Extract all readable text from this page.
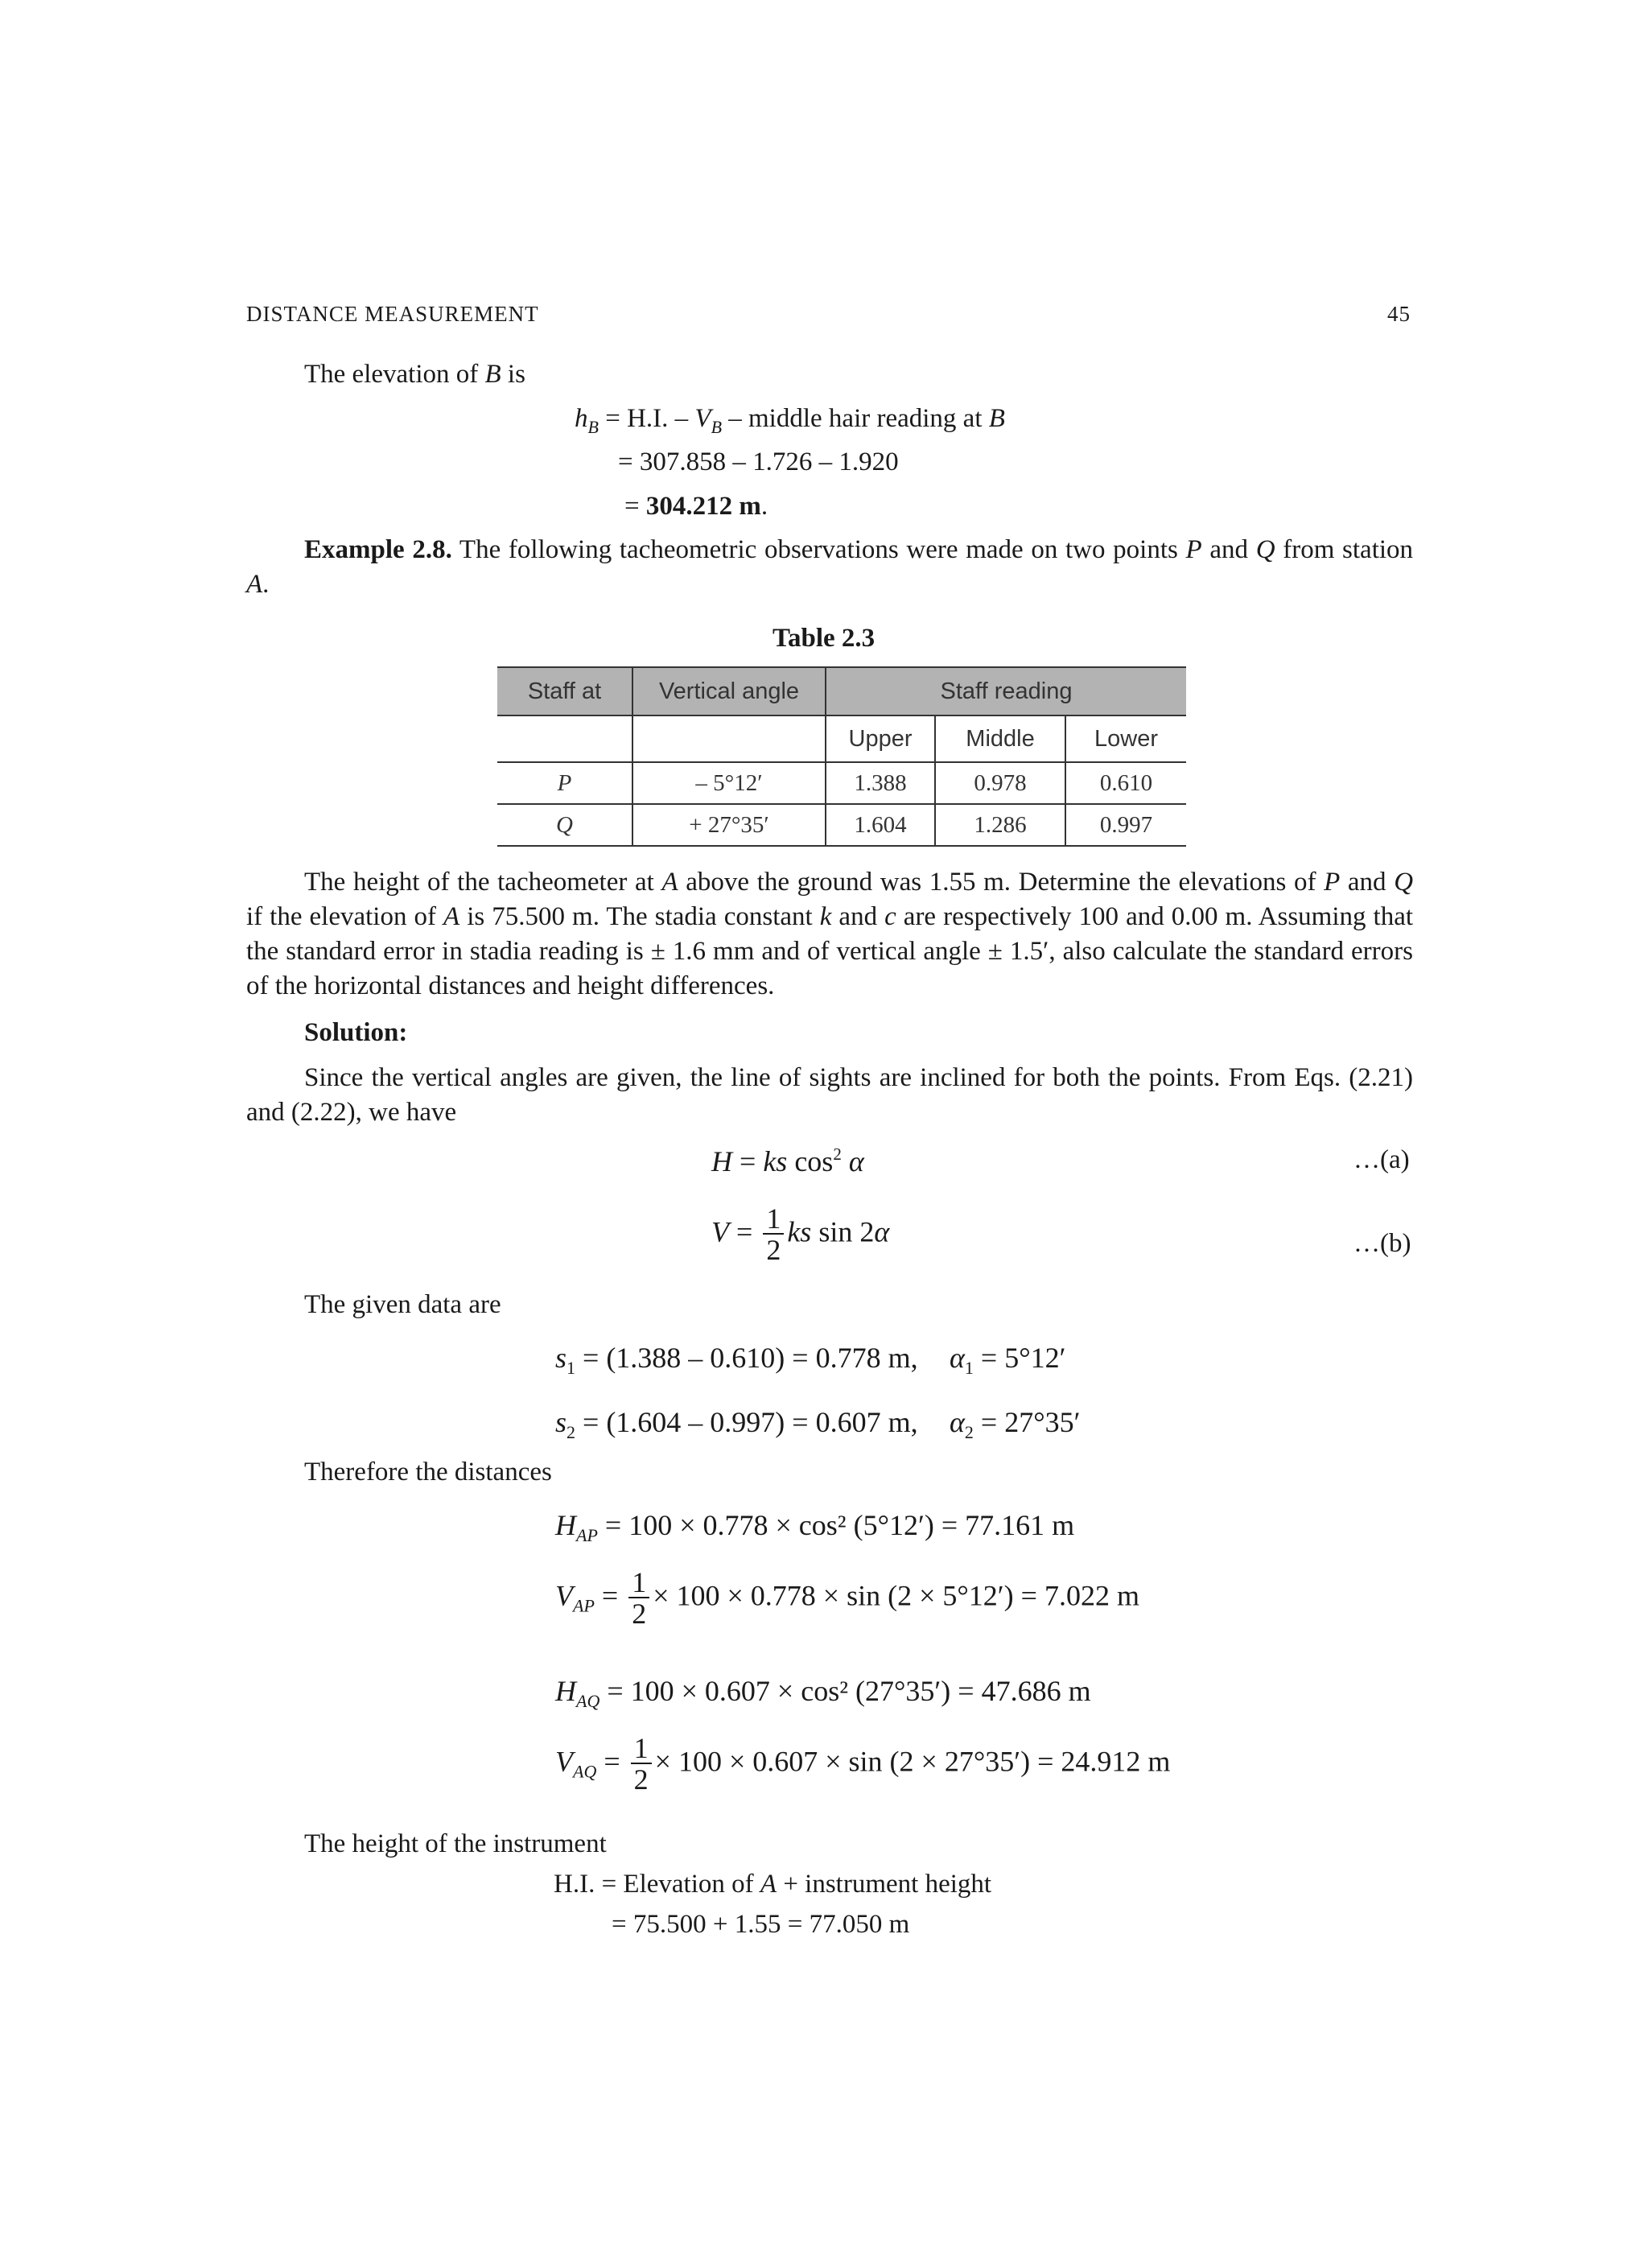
DISTANCE MEASUREMENT	45
The elevation of B is
$h_B = H.I$. – $V_B$ – middle hair reading at B
= 307.858 – 1.726 – 1.920
= 304.212 m.
Example 2.8. The following tacheometric observations were made on two points P and Q from station A.
Table 2.3
Staff at	Vertical angle	Staff reading		
		Upper	Middle	Lower
P	– 5°12′	1.388	0.978	0.610
Q	+ 27°35′	1.604	1.286	0.997
The height of the tacheometer at A above the ground was 1.55 m. Determine the elevations of P and Q if the elevation of A is 75.500 m. The stadia constant k and c are respectively 100 and 0.00 m. Assuming that the standard error in stadia reading is ± 1.6 mm and of vertical angle ± 1.5′, also calculate the standard errors of the horizontal distances and height differences.
Solution:
Since the vertical angles are given, the line of sights are inclined for both the points. From Eqs. (2.21) and (2.22), we have
H = ks $\cos^2 \alpha$	…(a)
$V = \frac{1}{2}$ ks sin 2α	…(b)
The given data are
$s_1 = (1.388 - 0.610) = 0.778$ m, $\alpha_1 = 5^\circ 12'$
$s_2 = (1.604 - 0.997) = 0.607$ m, $\alpha_2 = 27^\circ 35'$
Therefore the distances
$H_{AP} = 100 \times 0.778 \times \cos^2$ (5°12′) = 77.161 m
$V_{AP} = \frac{1}{2} \times 100 \times 0.778 \times \sin (2 \times 5^\circ 12') = 7.022$ m
$H_{AQ} = 100 \times 0.607 \times \cos^2$ (27°35′) = 47.686 m
$V_{AQ} = \frac{1}{2} \times 100 \times 0.607 \times \sin (2 \times 27^\circ 35') = 24.912$ m
The height of the instrument
H.I. = Elevation of A + instrument height
= 75.500 + 1.55 = 77.050 m
